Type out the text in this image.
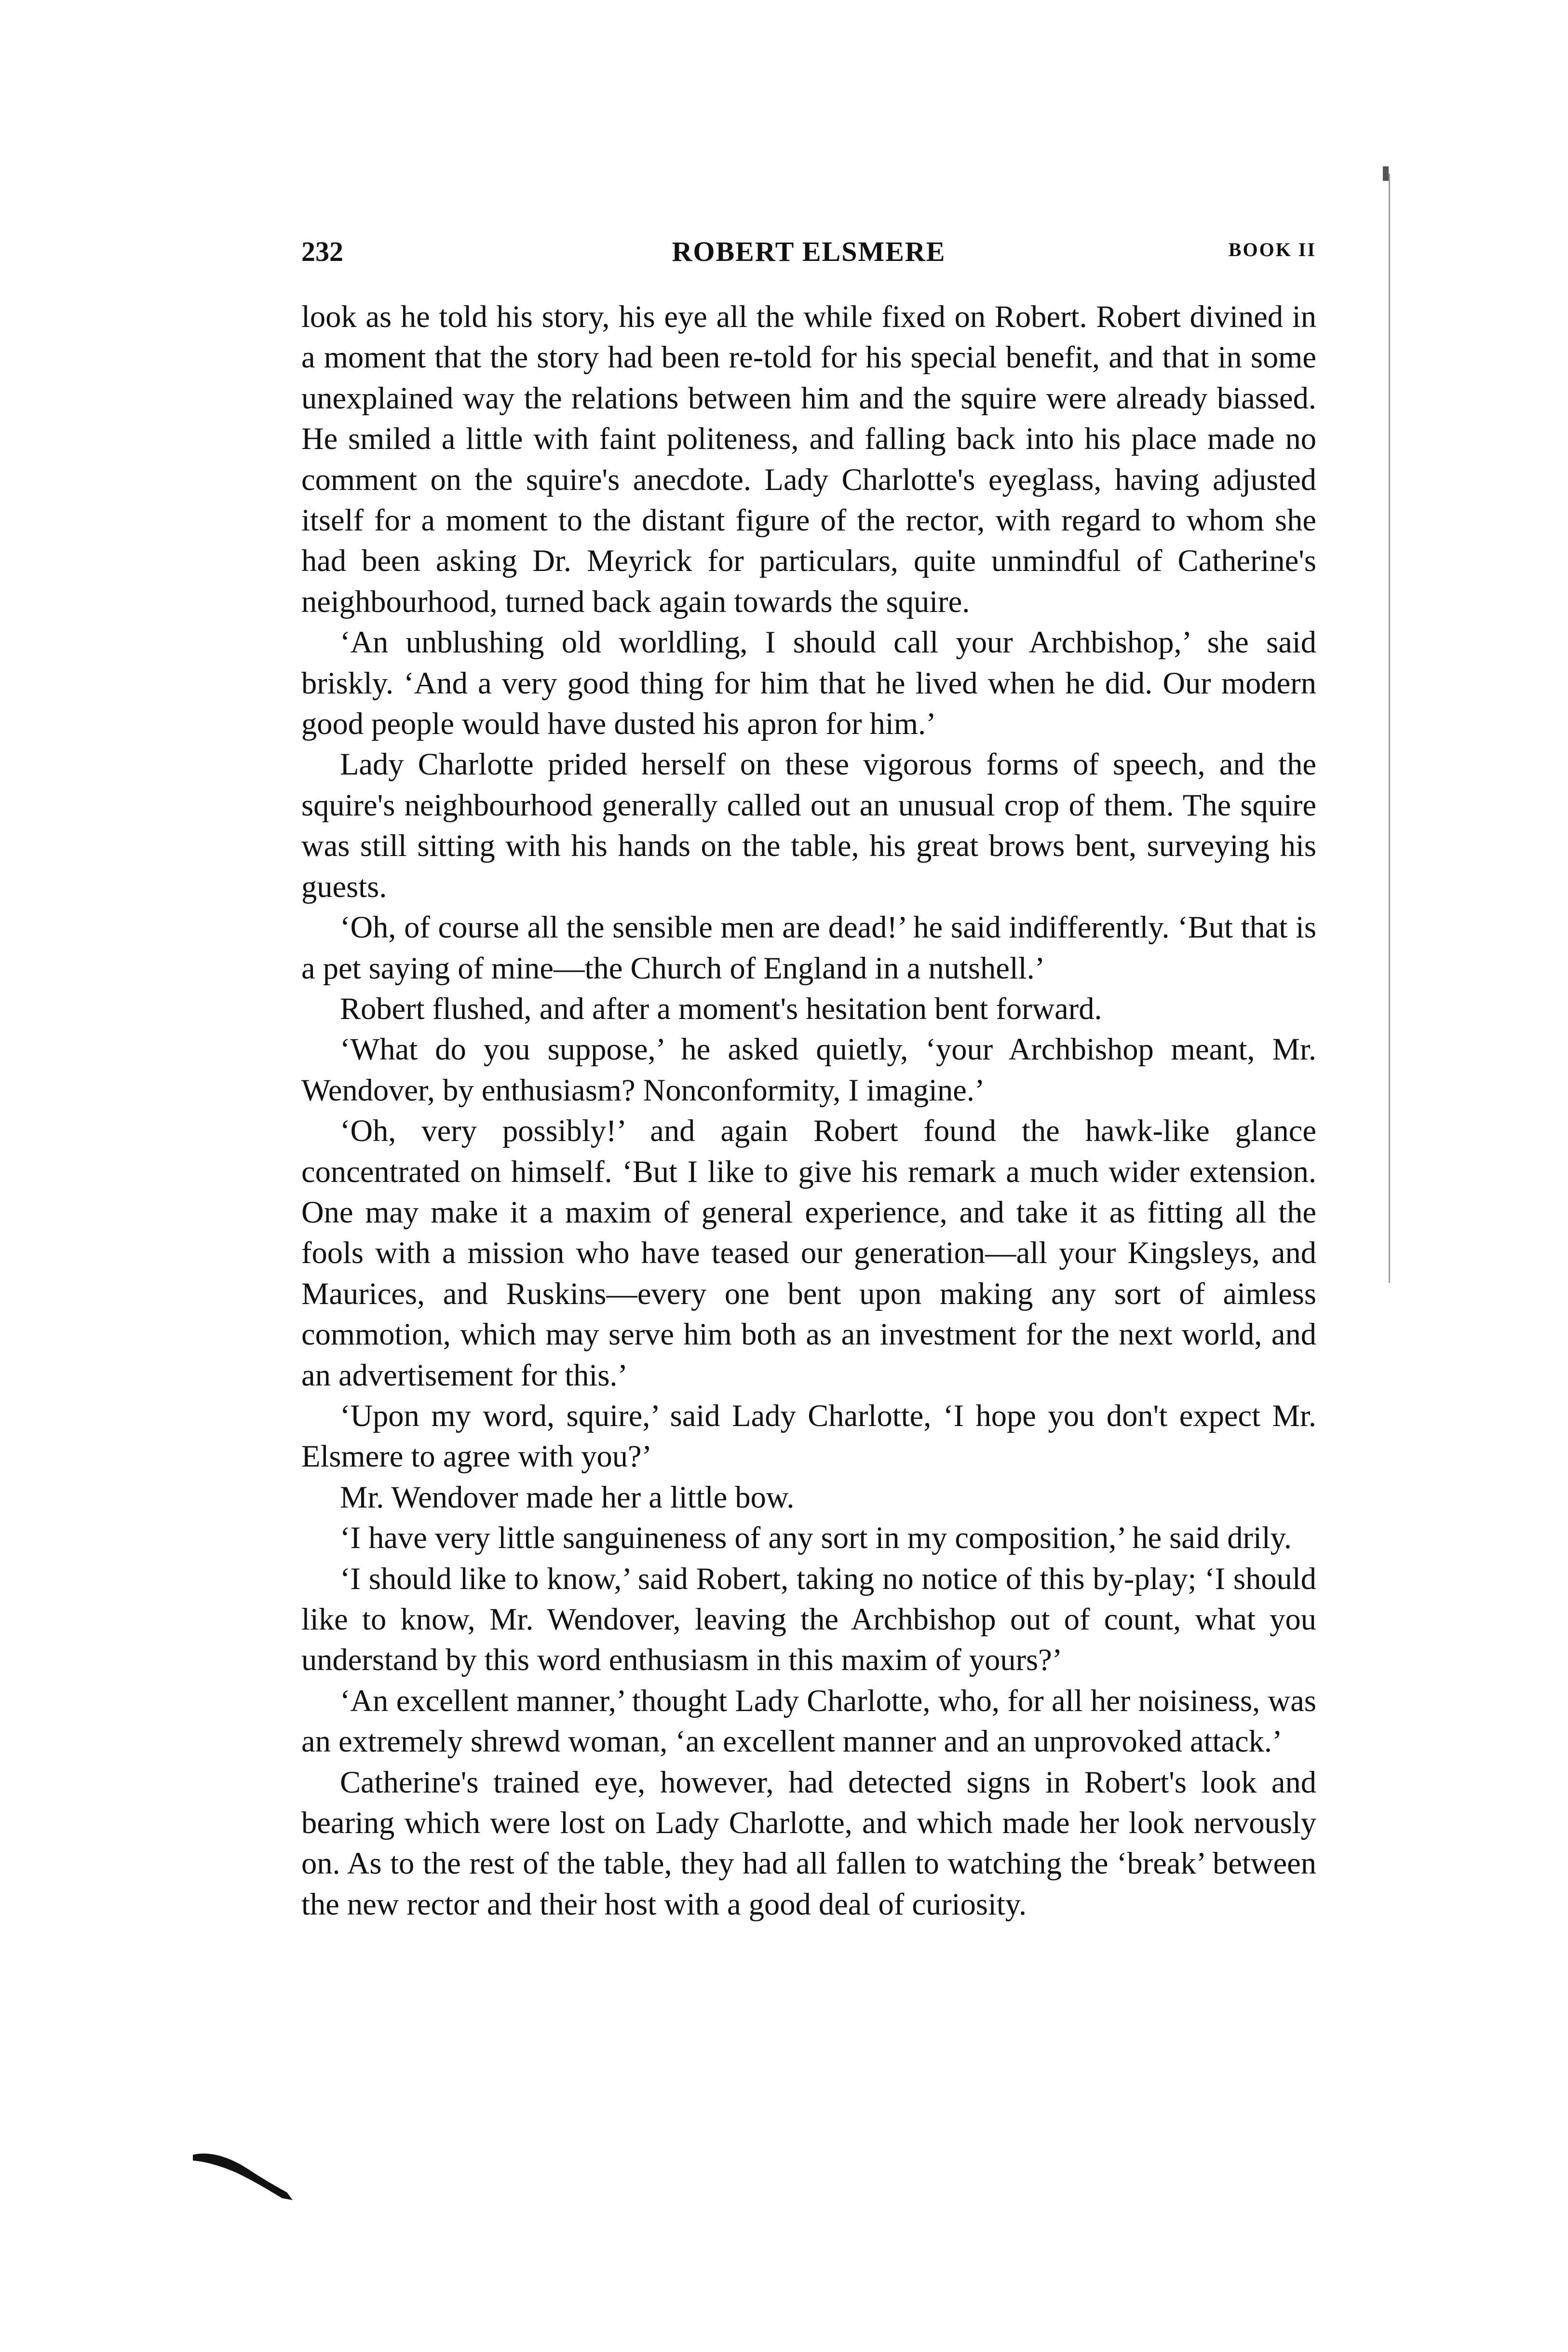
232	ROBERT ELSMERE	BOOK II

look as he told his story, his eye all the while fixed on Robert. Robert divined in a moment that the story had been re-told for his special benefit, and that in some unexplained way the relations between him and the squire were already biassed. He smiled a little with faint politeness, and falling back into his place made no comment on the squire's anecdote. Lady Charlotte's eyeglass, having adjusted itself for a moment to the distant figure of the rector, with regard to whom she had been asking Dr. Meyrick for particulars, quite unmindful of Catherine's neighbourhood, turned back again towards the squire.

‘An unblushing old worldling, I should call your Archbishop,’ she said briskly. ‘And a very good thing for him that he lived when he did. Our modern good people would have dusted his apron for him.’

Lady Charlotte prided herself on these vigorous forms of speech, and the squire's neighbourhood generally called out an unusual crop of them. The squire was still sitting with his hands on the table, his great brows bent, surveying his guests.

‘Oh, of course all the sensible men are dead!’ he said indifferently. ‘But that is a pet saying of mine—the Church of England in a nutshell.’

Robert flushed, and after a moment's hesitation bent forward.

‘What do you suppose,’ he asked quietly, ‘your Archbishop meant, Mr. Wendover, by enthusiasm? Nonconformity, I imagine.’

‘Oh, very possibly!’ and again Robert found the hawk-like glance concentrated on himself. ‘But I like to give his remark a much wider extension. One may make it a maxim of general experience, and take it as fitting all the fools with a mission who have teased our generation—all your Kingsleys, and Maurices, and Ruskins—every one bent upon making any sort of aimless commotion, which may serve him both as an investment for the next world, and an advertisement for this.’

‘Upon my word, squire,’ said Lady Charlotte, ‘I hope you don't expect Mr. Elsmere to agree with you?’

Mr. Wendover made her a little bow.

‘I have very little sanguineness of any sort in my composition,’ he said drily.

‘I should like to know,’ said Robert, taking no notice of this by-play; ‘I should like to know, Mr. Wendover, leaving the Archbishop out of count, what you understand by this word enthusiasm in this maxim of yours?’

‘An excellent manner,’ thought Lady Charlotte, who, for all her noisiness, was an extremely shrewd woman, ‘an excellent manner and an unprovoked attack.’

Catherine's trained eye, however, had detected signs in Robert's look and bearing which were lost on Lady Charlotte, and which made her look nervously on. As to the rest of the table, they had all fallen to watching the ‘break’ between the new rector and their host with a good deal of curiosity.
